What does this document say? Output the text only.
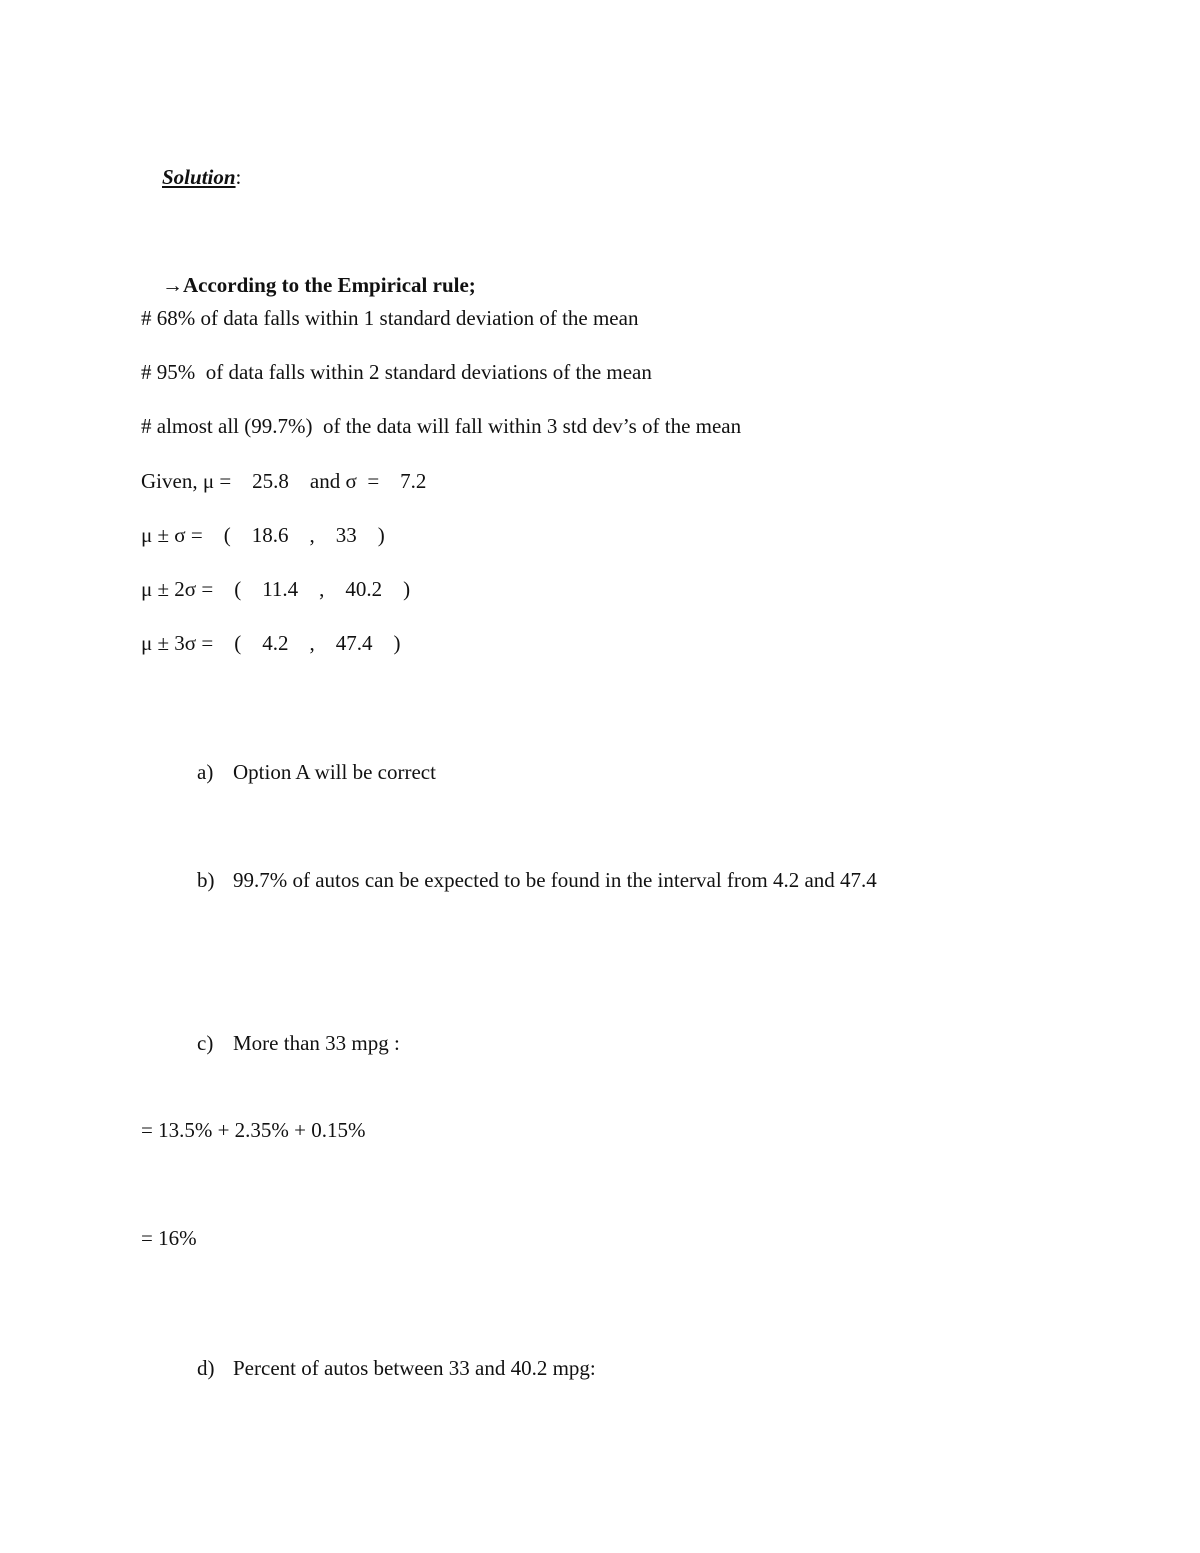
Solution:

→According to the Empirical rule;

# 68% of data falls within 1 standard deviation of the mean
# 95%  of data falls within 2 standard deviations of the mean
# almost all (99.7%)  of the data will fall within 3 std dev’s of the mean
Given, μ =    25.8    and σ  =    7.2
μ ± σ =    (    18.6    ,    33    )
μ ± 2σ =    (    11.4    ,    40.2    )
μ ± 3σ =    (    4.2    ,    47.4    )

a) Option A will be correct

b) 99.7% of autos can be expected to be found in the interval from 4.2 and 47.4

c) More than 33 mpg :

= 13.5% + 2.35% + 0.15%
= 16%

d) Percent of autos between 33 and 40.2 mpg:
